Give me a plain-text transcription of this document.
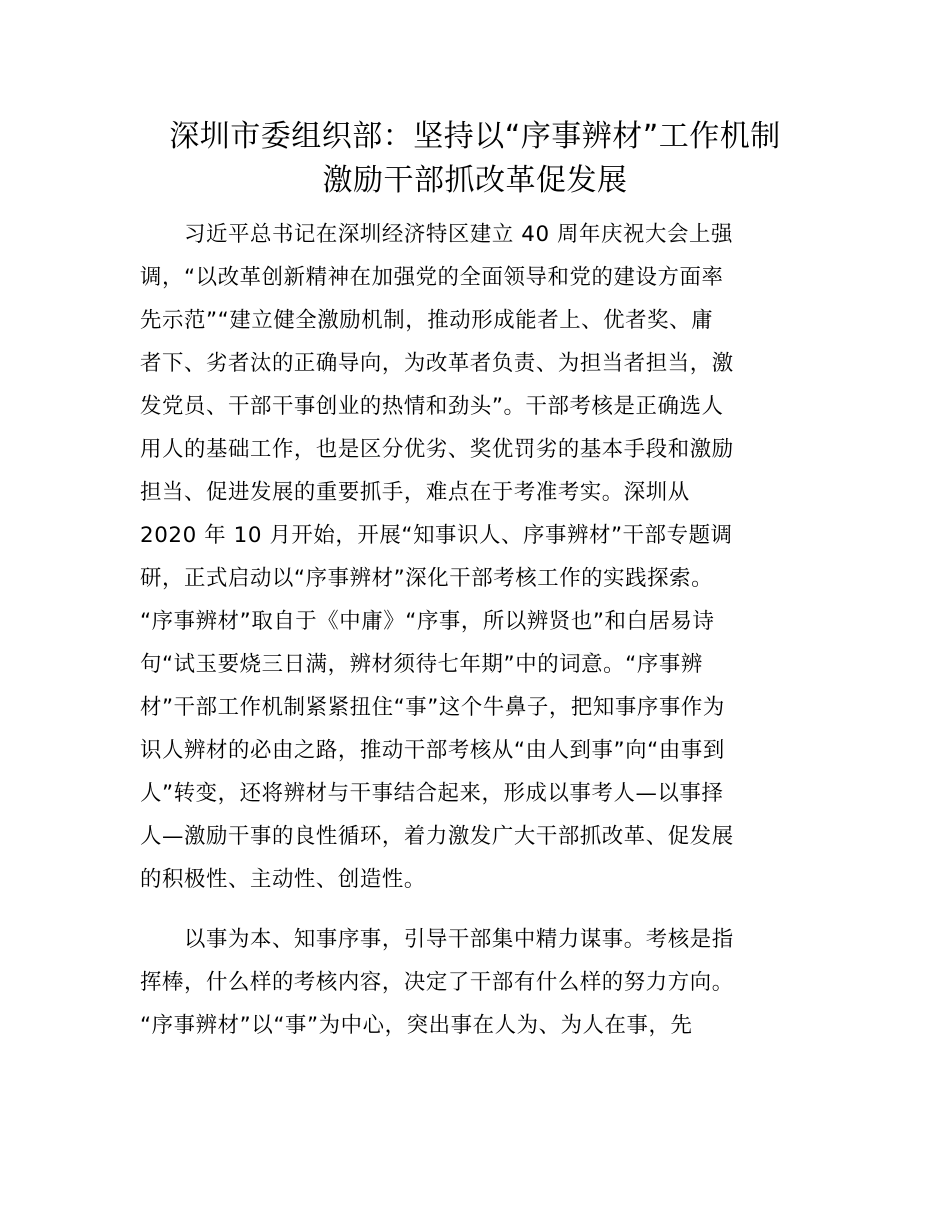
深圳市委组织部：坚持以“序事辨材”工作机制
激励干部抓改革促发展
　　习近平总书记在深圳经济特区建立 40 周年庆祝大会上强
调，“以改革创新精神在加强党的全面领导和党的建设方面率
先示范”“建立健全激励机制，推动形成能者上、优者奖、庸
者下、劣者汰的正确导向，为改革者负责、为担当者担当，激
发党员、干部干事创业的热情和劲头”。干部考核是正确选人
用人的基础工作，也是区分优劣、奖优罚劣的基本手段和激励
担当、促进发展的重要抓手，难点在于考准考实。深圳从
2020 年 10 月开始，开展“知事识人、序事辨材”干部专题调
研，正式启动以“序事辨材”深化干部考核工作的实践探索。
“序事辨材”取自于《中庸》“序事，所以辨贤也”和白居易诗
句“试玉要烧三日满，辨材须待七年期”中的词意。“序事辨
材”干部工作机制紧紧扭住“事”这个牛鼻子，把知事序事作为
识人辨材的必由之路，推动干部考核从“由人到事”向“由事到
人”转变，还将辨材与干事结合起来，形成以事考人—以事择
人—激励干事的良性循环，着力激发广大干部抓改革、促发展
的积极性、主动性、创造性。
　　以事为本、知事序事，引导干部集中精力谋事。考核是指
挥棒，什么样的考核内容，决定了干部有什么样的努力方向。
“序事辨材”以“事”为中心，突出事在人为、为人在事，先
